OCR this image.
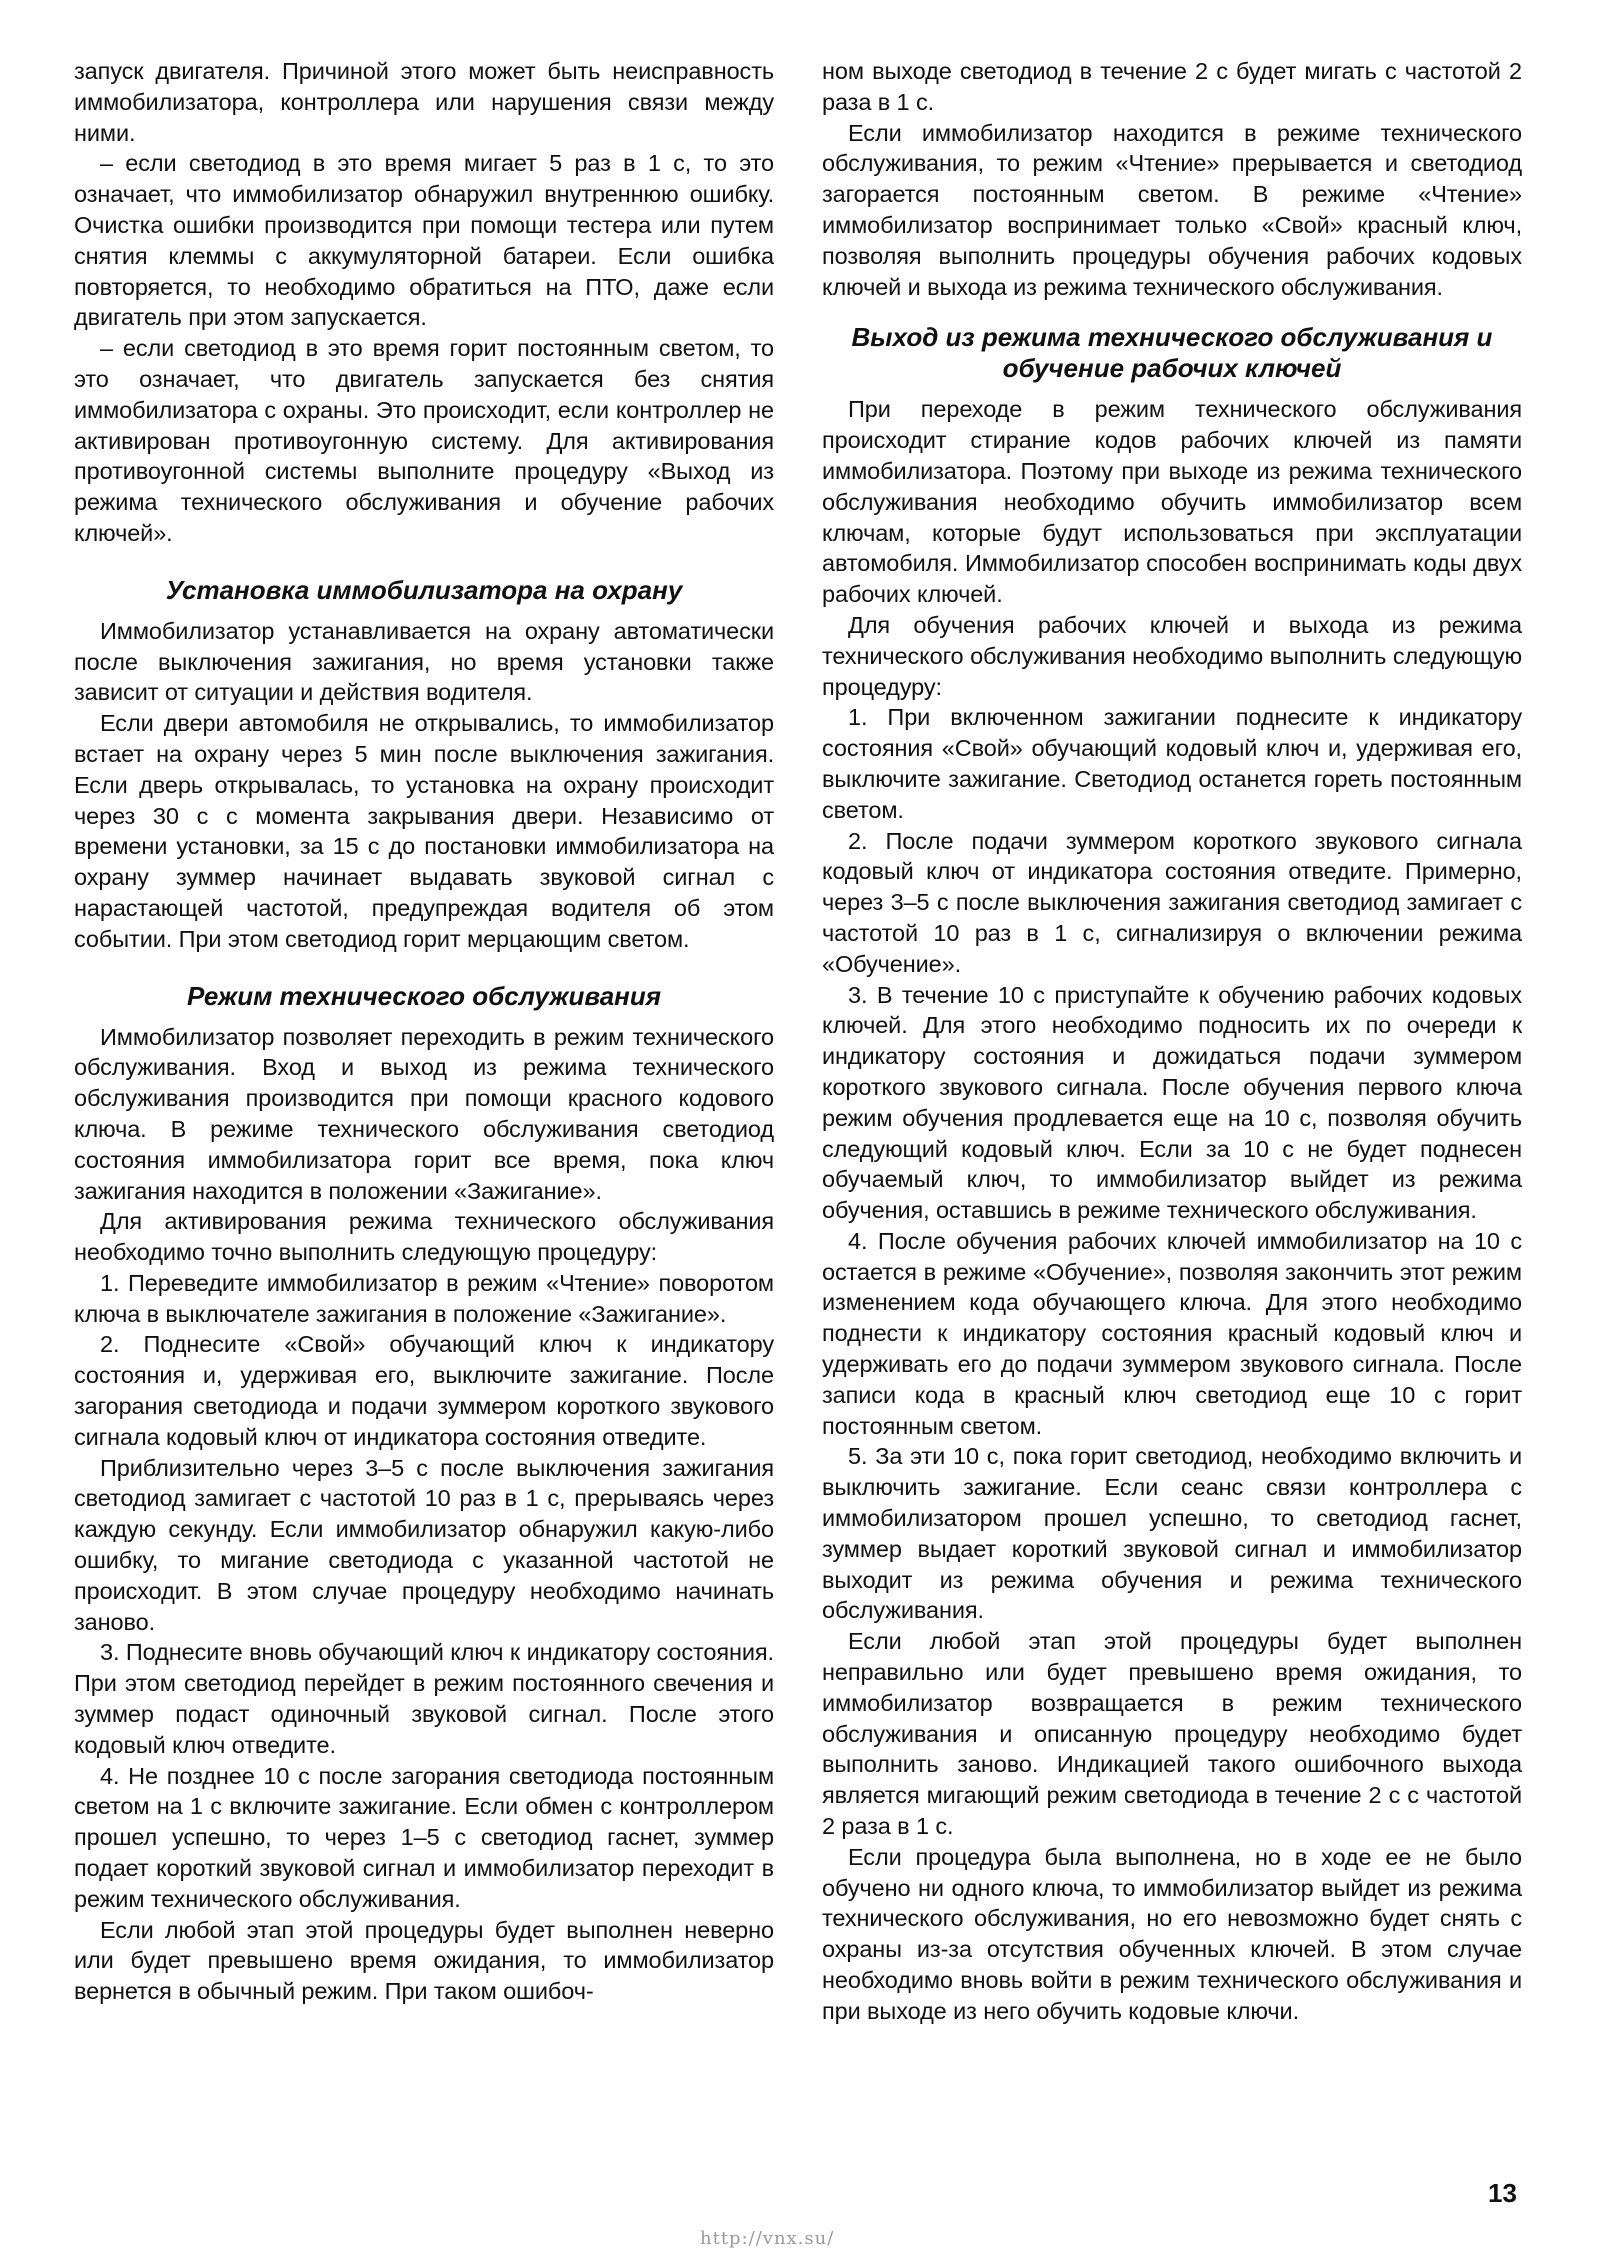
запуск двигателя. Причиной этого может быть неисправность иммобилизатора, контроллера или нарушения связи между ними.

– если светодиод в это время мигает 5 раз в 1 с, то это означает, что иммобилизатор обнаружил внутреннюю ошибку. Очистка ошибки производится при помощи тестера или путем снятия клеммы с аккумуляторной батареи. Если ошибка повторяется, то необходимо обратиться на ПТО, даже если двигатель при этом запускается.

– если светодиод в это время горит постоянным светом, то это означает, что двигатель запускается без снятия иммобилизатора с охраны. Это происходит, если контроллер не активирован противоугонную систему. Для активирования противоугонной системы выполните процедуру «Выход из режима технического обслуживания и обучение рабочих ключей».

Установка иммобилизатора на охрану

Иммобилизатор устанавливается на охрану автоматически после выключения зажигания, но время установки также зависит от ситуации и действия водителя.

Если двери автомобиля не открывались, то иммобилизатор встает на охрану через 5 мин после выключения зажигания. Если дверь открывалась, то установка на охрану происходит через 30 с с момента закрывания двери. Независимо от времени установки, за 15 с до постановки иммобилизатора на охрану зуммер начинает выдавать звуковой сигнал с нарастающей частотой, предупреждая водителя об этом событии. При этом светодиод горит мерцающим светом.

Режим технического обслуживания

Иммобилизатор позволяет переходить в режим технического обслуживания. Вход и выход из режима технического обслуживания производится при помощи красного кодового ключа. В режиме технического обслуживания светодиод состояния иммобилизатора горит все время, пока ключ зажигания находится в положении «Зажигание».

Для активирования режима технического обслуживания необходимо точно выполнить следующую процедуру:

1. Переведите иммобилизатор в режим «Чтение» поворотом ключа в выключателе зажигания в положение «Зажигание».

2. Поднесите «Свой» обучающий ключ к индикатору состояния и, удерживая его, выключите зажигание. После загорания светодиода и подачи зуммером короткого звукового сигнала кодовый ключ от индикатора состояния отведите.

Приблизительно через 3–5 с после выключения зажигания светодиод замигает с частотой 10 раз в 1 с, прерываясь через каждую секунду. Если иммобилизатор обнаружил какую-либо ошибку, то мигание светодиода с указанной частотой не происходит. В этом случае процедуру необходимо начинать заново.

3. Поднесите вновь обучающий ключ к индикатору состояния. При этом светодиод перейдет в режим постоянного свечения и зуммер подаст одиночный звуковой сигнал. После этого кодовый ключ отведите.

4. Не позднее 10 с после загорания светодиода постоянным светом на 1 с включите зажигание. Если обмен с контроллером прошел успешно, то через 1–5 с светодиод гаснет, зуммер подает короткий звуковой сигнал и иммобилизатор переходит в режим технического обслуживания.

Если любой этап этой процедуры будет выполнен неверно или будет превышено время ожидания, то иммобилизатор вернется в обычный режим. При таком ошибоч-

ном выходе светодиод в течение 2 с будет мигать с частотой 2 раза в 1 с.

Если иммобилизатор находится в режиме технического обслуживания, то режим «Чтение» прерывается и светодиод загорается постоянным светом. В режиме «Чтение» иммобилизатор воспринимает только «Свой» красный ключ, позволяя выполнить процедуры обучения рабочих кодовых ключей и выхода из режима технического обслуживания.

Выход из режима технического обслуживания и обучение рабочих ключей

При переходе в режим технического обслуживания происходит стирание кодов рабочих ключей из памяти иммобилизатора. Поэтому при выходе из режима технического обслуживания необходимо обучить иммобилизатор всем ключам, которые будут использоваться при эксплуатации автомобиля. Иммобилизатор способен воспринимать коды двух рабочих ключей.

Для обучения рабочих ключей и выхода из режима технического обслуживания необходимо выполнить следующую процедуру:

1. При включенном зажигании поднесите к индикатору состояния «Свой» обучающий кодовый ключ и, удерживая его, выключите зажигание. Светодиод останется гореть постоянным светом.

2. После подачи зуммером короткого звукового сигнала кодовый ключ от индикатора состояния отведите. Примерно, через 3–5 с после выключения зажигания светодиод замигает с частотой 10 раз в 1 с, сигнализируя о включении режима «Обучение».

3. В течение 10 с приступайте к обучению рабочих кодовых ключей. Для этого необходимо подносить их по очереди к индикатору состояния и дожидаться подачи зуммером короткого звукового сигнала. После обучения первого ключа режим обучения продлевается еще на 10 с, позволяя обучить следующий кодовый ключ. Если за 10 с не будет поднесен обучаемый ключ, то иммобилизатор выйдет из режима обучения, оставшись в режиме технического обслуживания.

4. После обучения рабочих ключей иммобилизатор на 10 с остается в режиме «Обучение», позволяя закончить этот режим изменением кода обучающего ключа. Для этого необходимо поднести к индикатору состояния красный кодовый ключ и удерживать его до подачи зуммером звукового сигнала. После записи кода в красный ключ светодиод еще 10 с горит постоянным светом.

5. За эти 10 с, пока горит светодиод, необходимо включить и выключить зажигание. Если сеанс связи контроллера с иммобилизатором прошел успешно, то светодиод гаснет, зуммер выдает короткий звуковой сигнал и иммобилизатор выходит из режима обучения и режима технического обслуживания.

Если любой этап этой процедуры будет выполнен неправильно или будет превышено время ожидания, то иммобилизатор возвращается в режим технического обслуживания и описанную процедуру необходимо будет выполнить заново. Индикацией такого ошибочного выхода является мигающий режим светодиода в течение 2 с с частотой 2 раза в 1 с.

Если процедура была выполнена, но в ходе ее не было обучено ни одного ключа, то иммобилизатор выйдет из режима технического обслуживания, но его невозможно будет снять с охраны из-за отсутствия обученных ключей. В этом случае необходимо вновь войти в режим технического обслуживания и при выходе из него обучить кодовые ключи.

13
http://vnx.su/
